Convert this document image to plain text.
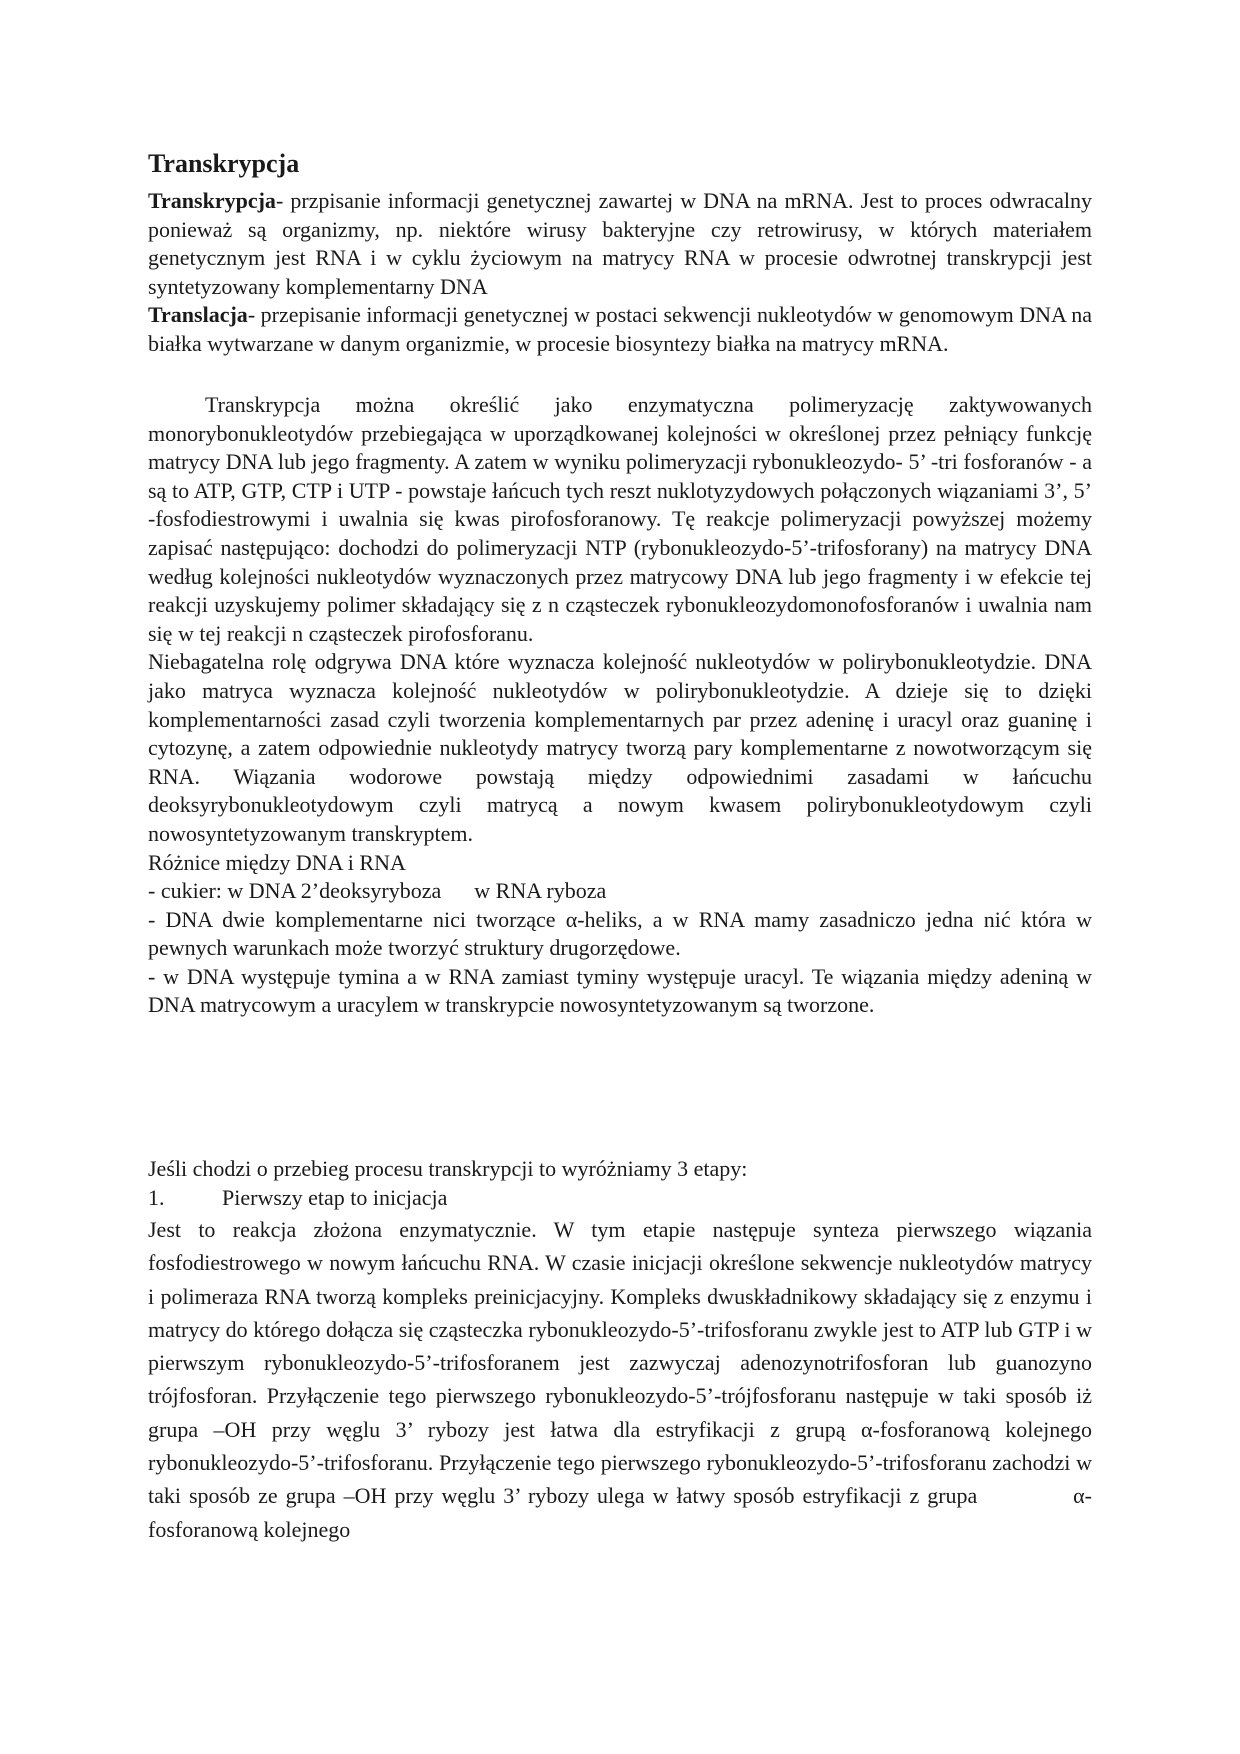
Transkrypcja

Transkrypcja- przpisanie informacji genetycznej zawartej w DNA na mRNA. Jest to proces odwracalny ponieważ są organizmy, np. niektóre wirusy bakteryjne czy retrowirusy, w których materiałem genetycznym jest RNA i w cyklu życiowym na matrycy RNA w procesie odwrotnej transkrypcji jest syntetyzowany komplementarny DNA

Translacja- przepisanie informacji genetycznej w postaci sekwencji nukleotydów w genomowym DNA na białka wytwarzane w danym organizmie, w procesie biosyntezy białka na matrycy mRNA.

Transkrypcja można określić jako enzymatyczna polimeryzację zaktywowanych monorybonukleotydów przebiegająca w uporządkowanej kolejności w określonej przez pełniący funkcję matrycy DNA lub jego fragmenty. A zatem w wyniku polimeryzacji rybonukleozydo- 5’ -tri fosforanów - a są to ATP, GTP, CTP i UTP - powstaje łańcuch tych reszt nuklotyzydowych połączonych wiązaniami 3’, 5’ -fosfodiestrowymi i uwalnia się kwas pirofosforanowy. Tę reakcje polimeryzacji powyższej możemy zapisać następująco: dochodzi do polimeryzacji NTP (rybonukleozydo-5’-trifosforany) na matrycy DNA według kolejności nukleotydów wyznaczonych przez matrycowy DNA lub jego fragmenty i w efekcie tej reakcji uzyskujemy polimer składający się z n cząsteczek rybonukleozydomonofosforanów i uwalnia nam się w tej reakcji n cząsteczek pirofosforanu.

Niebagatelna rolę odgrywa DNA które wyznacza kolejność nukleotydów w polirybonukleotydzie. DNA jako matryca wyznacza kolejność nukleotydów w polirybonukleotydzie. A dzieje się to dzięki komplementarności zasad czyli tworzenia komplementarnych par przez adeninę i uracyl oraz guaninę i cytozynę, a zatem odpowiednie nukleotydy matrycy tworzą pary komplementarne z nowotworzącym się RNA. Wiązania wodorowe powstają między odpowiednimi zasadami w łańcuchu deoksyrybonukleotydowym czyli matrycą a nowym kwasem polirybonukleotydowym czyli nowosyntetyzowanym transkryptem.

Różnice między DNA i RNA

- cukier: w DNA 2’deoksyryboza      w RNA ryboza

- DNA dwie komplementarne nici tworzące α-heliks, a w RNA mamy zasadniczo jedna nić która w pewnych warunkach może tworzyć struktury drugorzędowe.

- w DNA występuje tymina a w RNA zamiast tyminy występuje uracyl. Te wiązania między adeniną w DNA matrycowym a uracylem w transkrypcie nowosyntetyzowanym są tworzone.

Jeśli chodzi o przebieg procesu transkrypcji to wyróżniamy 3 etapy:

1.	Pierwszy etap to inicjacja

Jest to reakcja złożona enzymatycznie. W tym etapie następuje synteza pierwszego wiązania fosfodiestrowego w nowym łańcuchu RNA. W czasie inicjacji określone sekwencje nukleotydów matrycy i polimeraza RNA tworzą kompleks preinicjacyjny. Kompleks dwuskładnikowy składający się z enzymu i matrycy do którego dołącza się cząsteczka rybonukleozydo-5’-trifosforanu zwykle jest to ATP lub GTP i w pierwszym rybonukleozydo-5’-trifosforanem jest zazwyczaj adenozynotrifosforan lub guanozyno trójfosforan. Przyłączenie tego pierwszego rybonukleozydo-5’-trójfosforanu następuje w taki sposób iż grupa –OH przy węglu 3’ rybozy jest łatwa dla estryfikacji z grupą α-fosforanową kolejnego rybonukleozydo-5’-trifosforanu. Przyłączenie tego pierwszego rybonukleozydo-5’-trifosforanu zachodzi w taki sposób ze grupa –OH przy węglu 3’ rybozy ulega w łatwy sposób estryfikacji z grupa            α-fosforanową kolejnego
